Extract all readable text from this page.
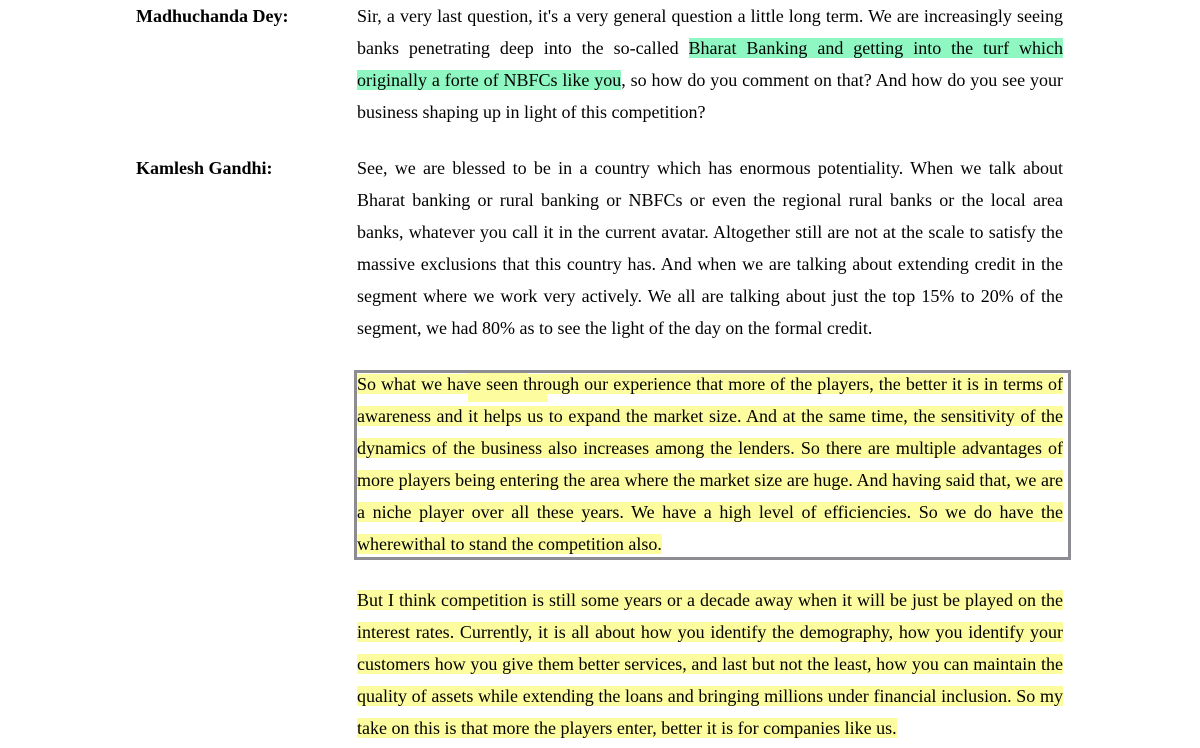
Madhuchanda Dey:	Sir, a very last question, it's a very general question a little long term. We are increasingly seeing banks penetrating deep into the so-called Bharat Banking and getting into the turf which originally a forte of NBFCs like you, so how do you comment on that? And how do you see your business shaping up in light of this competition?
Kamlesh Gandhi:	See, we are blessed to be in a country which has enormous potentiality. When we talk about Bharat banking or rural banking or NBFCs or even the regional rural banks or the local area banks, whatever you call it in the current avatar. Altogether still are not at the scale to satisfy the massive exclusions that this country has. And when we are talking about extending credit in the segment where we work very actively. We all are talking about just the top 15% to 20% of the segment, we had 80% as to see the light of the day on the formal credit.
So what we have seen through our experience that more of the players, the better it is in terms of awareness and it helps us to expand the market size. And at the same time, the sensitivity of the dynamics of the business also increases among the lenders. So there are multiple advantages of more players being entering the area where the market size are huge. And having said that, we are a niche player over all these years. We have a high level of efficiencies. So we do have the wherewithal to stand the competition also.
But I think competition is still some years or a decade away when it will be just be played on the interest rates. Currently, it is all about how you identify the demography, how you identify your customers how you give them better services, and last but not the least, how you can maintain the quality of assets while extending the loans and bringing millions under financial inclusion. So my take on this is that more the players enter, better it is for companies like us.
